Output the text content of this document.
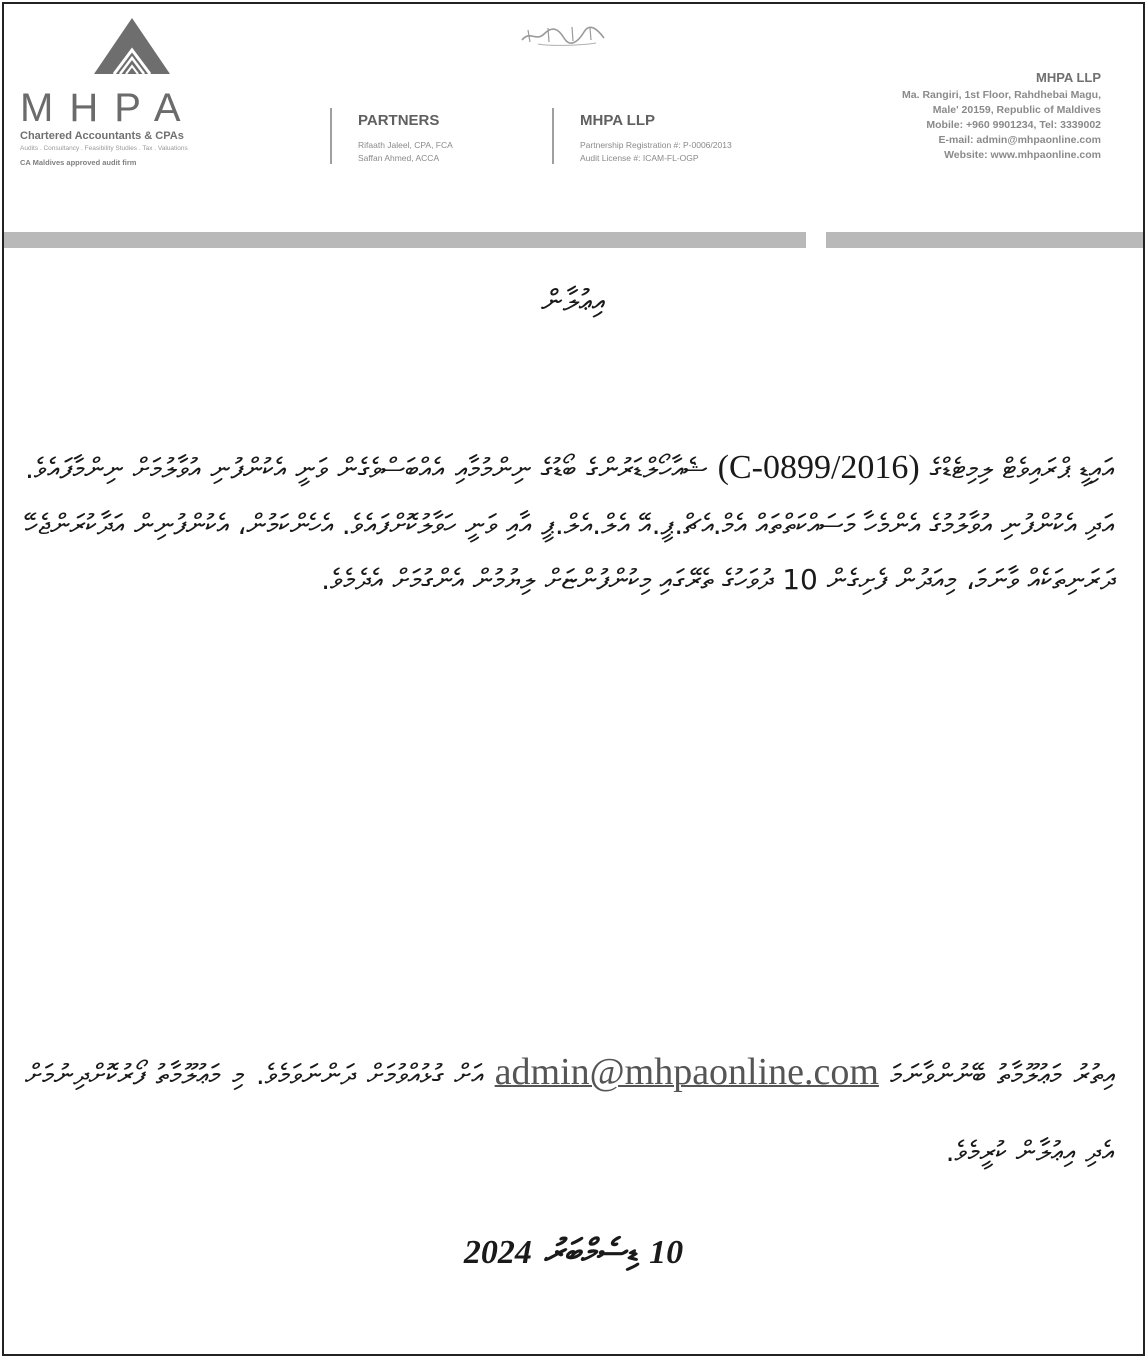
MHPA
Chartered Accountants & CPAs
Audits . Consultancy . Feasibility Studies . Tax . Valuations
CA Maldives approved audit firm
PARTNERS
Rifaath Jaleel, CPA, FCA
Saffan Ahmed, ACCA
MHPA LLP
Partnership Registration #: P-0006/2013
Audit License #: ICAM-FL-OGP
MHPA LLP
Ma. Rangiri, 1st Floor, Rahdhebai Magu,
Male' 20159, Republic of Maldives
Mobile: +960 9901234, Tel: 3339002
E-mail: admin@mhpaonline.com
Website: www.mhpaonline.com
އިޢުލާން
އައިޑީ ޕްރައިވެޓް ލިމިޓެޑްގެ (C-0899/2016) ޝެއާހޯލްޑަރުންގެ ބޯޑުގެ ނިންމުމާއި އެއްބަސްވެގެން ވަނީ އެކުންފުނި އުވާލުމަށް ނިންމާފައެވެ. އަދި އެކުންފުނި އުވާލުމުގެ އެންމެހާ މަސައްކަތްތައް އެމް.އެޗް.ޕީ.އޭ އެލް.އެލް.ޕީ އާއި ވަނީ ހަވާލުކޮށްފައެވެ. އެހެންކަމުން، އެކުންފުނިން އަދާކުރަންޖެހޭ ދަރަނިތަކެއް ވާނަމަ، މިއަދުން ފެށިގެން 10 ދުވަހުގެ ތެރޭގައި މިކުންފުންޏަށް ލިޔުމުން އެންގުމަށް އެދެމެވެ.
އިތުރު މަޢުލޫމާތު ބޭނުންވާނަމަ admin@mhpaonline.com އަށް ގުޅުއްވުމަށް ދަންނަވަމެވެ. މި މަޢުލޫމާތު ފޯރުކޮށްދިނުމަށް އެދި އިޢުލާން ކުރީމެވެ.
10 ޑިސެމްބަރު 2024
